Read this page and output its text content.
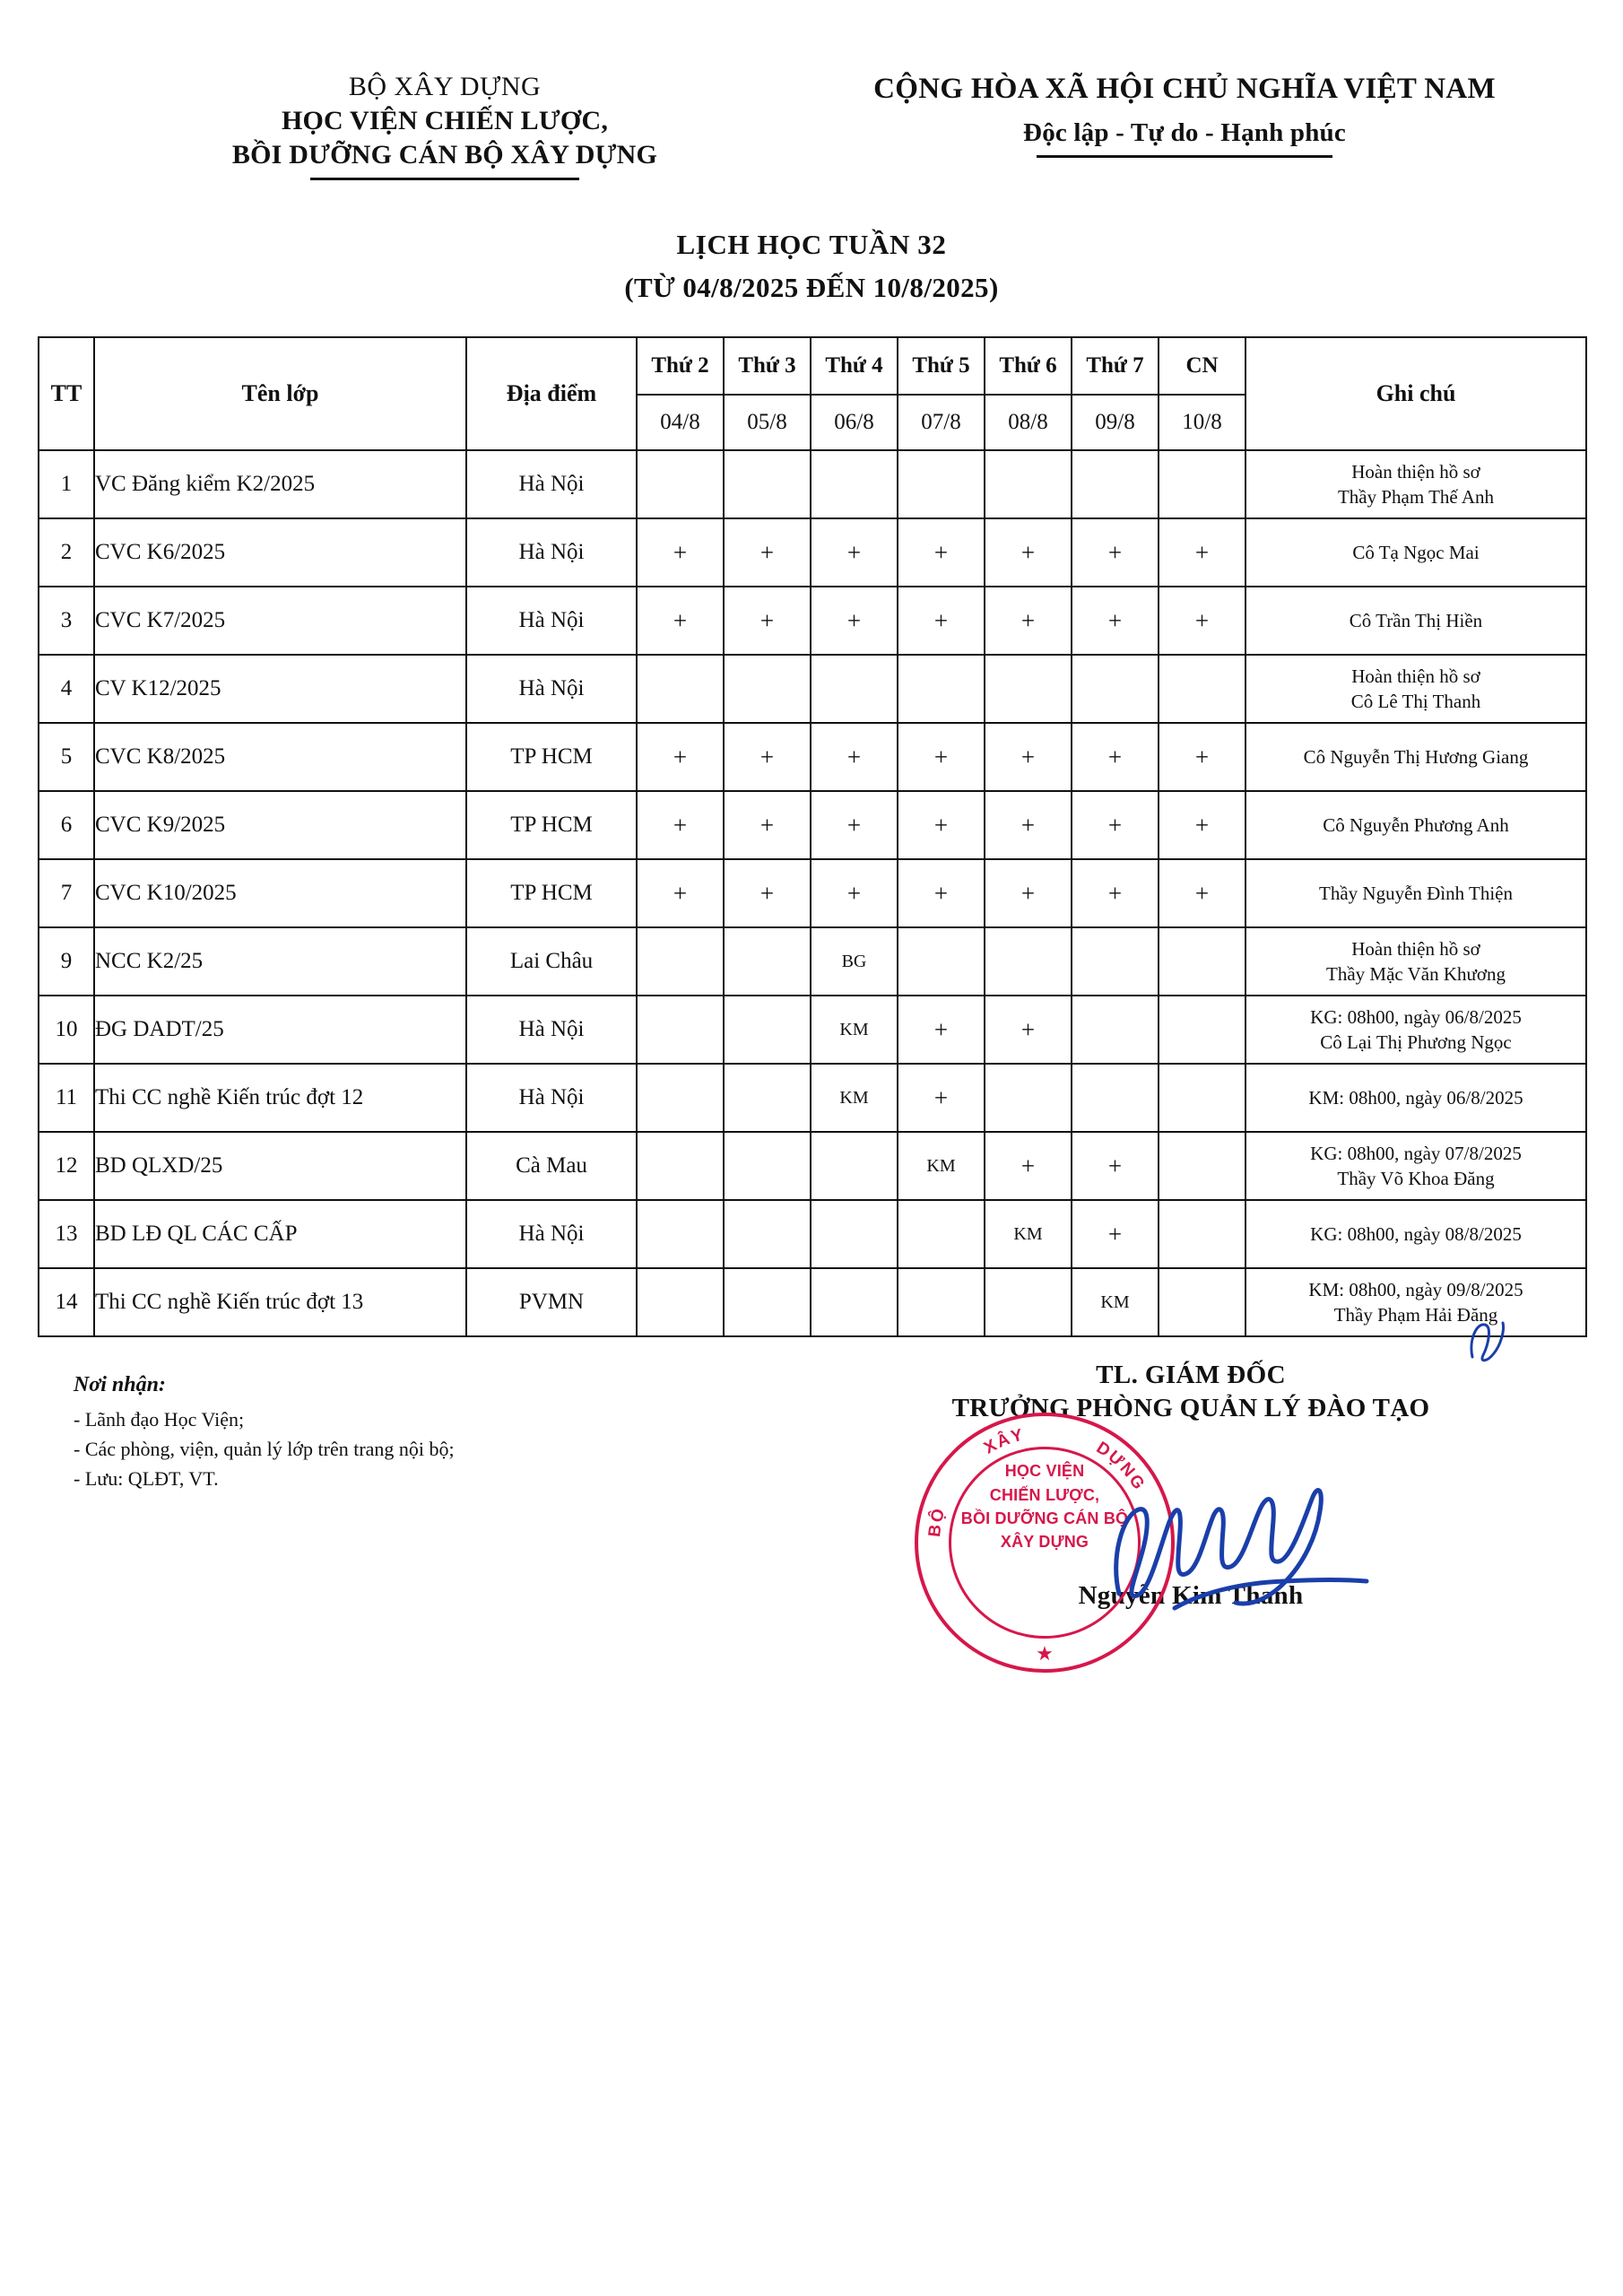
BỘ XÂY DỰNG
HỌC VIỆN CHIẾN LƯỢC,
BỒI DƯỠNG CÁN BỘ XÂY DỰNG
CỘNG HÒA XÃ HỘI CHỦ NGHĨA VIỆT NAM
Độc lập - Tự do - Hạnh phúc
LỊCH HỌC TUẦN 32
(TỪ 04/8/2025 ĐẾN 10/8/2025)
TT	Tên lớp	Địa điểm	Thứ 2	Thứ 3	Thứ 4	Thứ 5	Thứ 6	Thứ 7	CN	Ghi chú
			04/8	05/8	06/8	07/8	08/8	09/8	10/8	
1	VC Đăng kiểm K2/2025	Hà Nội								Hoàn thiện hồ sơ
Thầy Phạm Thế Anh

2	CVC K6/2025	Hà Nội	+	+	+	+	+	+	+	Cô Tạ Ngọc Mai

3	CVC K7/2025	Hà Nội	+	+	+	+	+	+	+	Cô Trần Thị Hiền

4	CV K12/2025	Hà Nội								Hoàn thiện hồ sơ
Cô Lê Thị Thanh

5	CVC K8/2025	TP HCM	+	+	+	+	+	+	+	Cô Nguyễn Thị Hương Giang

6	CVC K9/2025	TP HCM	+	+	+	+	+	+	+	Cô Nguyễn Phương Anh

7	CVC K10/2025	TP HCM	+	+	+	+	+	+	+	Thầy Nguyễn Đình Thiện

9	NCC K2/25	Lai Châu			BG					Hoàn thiện hồ sơ
Thầy Mặc Văn Khương

10	ĐG DADT/25	Hà Nội			KM	+	+			KG: 08h00, ngày 06/8/2025
Cô Lại Thị Phương Ngọc

11	Thi CC nghề Kiến trúc đợt 12	Hà Nội			KM	+				KM: 08h00, ngày 06/8/2025

12	BD QLXD/25	Cà Mau				KM	+	+		KG: 08h00, ngày 07/8/2025
Thầy Võ Khoa Đăng

13	BD LĐ QL CÁC CẤP	Hà Nội					KM	+		KG: 08h00, ngày 08/8/2025

14	Thi CC nghề Kiến trúc đợt 13	PVMN						KM		KM: 08h00, ngày 09/8/2025
Thầy Phạm Hải Đăng
Nơi nhận:
- Lãnh đạo Học Viện;
- Các phòng, viện, quản lý lớp trên trang nội bộ;
- Lưu: QLĐT, VT.
TL. GIÁM ĐỐC
TRƯỞNG PHÒNG QUẢN LÝ ĐÀO TẠO
XÂY
DỰNG
BỘ
HỌC VIỆN
CHIẾN LƯỢC,
BỒI DƯỠNG CÁN BỘ
XÂY DỰNG
★
Nguyễn Kim Thanh
